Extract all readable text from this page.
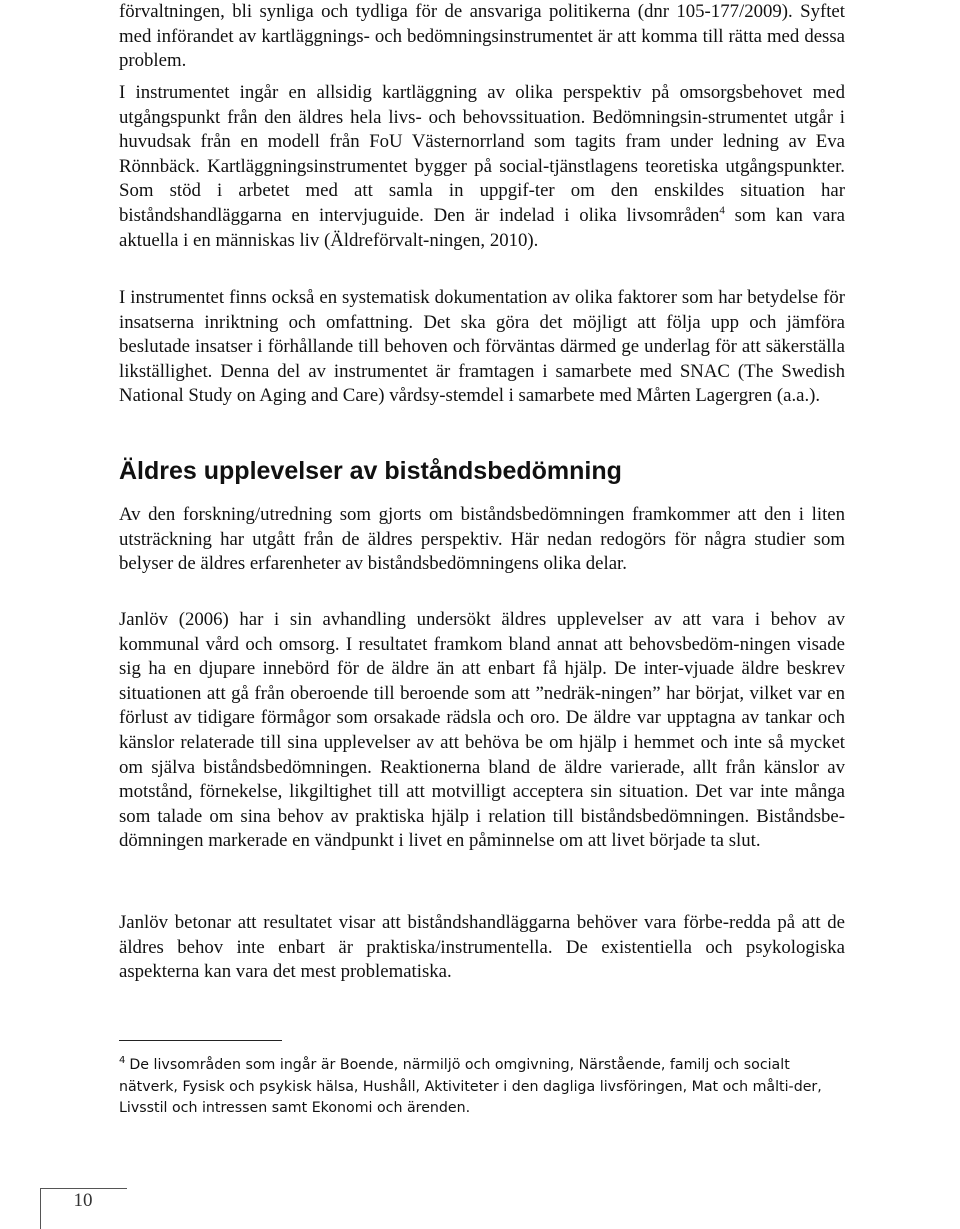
förvaltningen, bli synliga och tydliga för de ansvariga politikerna (dnr 105-177/2009). Syftet med införandet av kartläggnings- och bedömningsinstrumentet är att komma till rätta med dessa problem.

I instrumentet ingår en allsidig kartläggning av olika perspektiv på omsorgsbehovet med utgångspunkt från den äldres hela livs- och behovssituation. Bedömningsin-strumentet utgår i huvudsak från en modell från FoU Västernorrland som tagits fram under ledning av Eva Rönnbäck. Kartläggningsinstrumentet bygger på social-tjänstlagens teoretiska utgångspunkter. Som stöd i arbetet med att samla in uppgif-ter om den enskildes situation har biståndshandläggarna en intervjuguide. Den är indelad i olika livsområden$^4$ som kan vara aktuella i en människas liv (Äldreförvalt-ningen, 2010).

I instrumentet finns också en systematisk dokumentation av olika faktorer som har betydelse för insatserna inriktning och omfattning. Det ska göra det möjligt att följa upp och jämföra beslutade insatser i förhållande till behoven och förväntas därmed ge underlag för att säkerställa likställighet. Denna del av instrumentet är framtagen i samarbete med SNAC (The Swedish National Study on Aging and Care) vårdsy-stemdel i samarbete med Mårten Lagergren (a.a.).

Äldres upplevelser av biståndsbedömning

Av den forskning/utredning som gjorts om biståndsbedömningen framkommer att den i liten utsträckning har utgått från de äldres perspektiv. Här nedan redogörs för några studier som belyser de äldres erfarenheter av biståndsbedömningens olika delar.

Janlöv (2006) har i sin avhandling undersökt äldres upplevelser av att vara i behov av kommunal vård och omsorg. I resultatet framkom bland annat att behovsbedöm-ningen visade sig ha en djupare innebörd för de äldre än att enbart få hjälp. De inter-vjuade äldre beskrev situationen att gå från oberoende till beroende som att ”nedräk-ningen” har börjat, vilket var en förlust av tidigare förmågor som orsakade rädsla och oro. De äldre var upptagna av tankar och känslor relaterade till sina upplevelser av att behöva be om hjälp i hemmet och inte så mycket om själva biståndsbedömningen. Reaktionerna bland de äldre varierade, allt från känslor av motstånd, förnekelse, likgiltighet till att motvilligt acceptera sin situation. Det var inte många som talade om sina behov av praktiska hjälp i relation till biståndsbedömningen. Biståndsbe-dömningen markerade en vändpunkt i livet en påminnelse om att livet började ta slut.

Janlöv betonar att resultatet visar att biståndshandläggarna behöver vara förbe-redda på att de äldres behov inte enbart är praktiska/instrumentella. De existentiella och psykologiska aspekterna kan vara det mest problematiska.

$^4$ De livsområden som ingår är Boende, närmiljö och omgivning, Närstående, familj och socialt nätverk, Fysisk och psykisk hälsa, Hushåll, Aktiviteter i den dagliga livsföringen, Mat och målti-der, Livsstil och intressen samt Ekonomi och ärenden.
10
